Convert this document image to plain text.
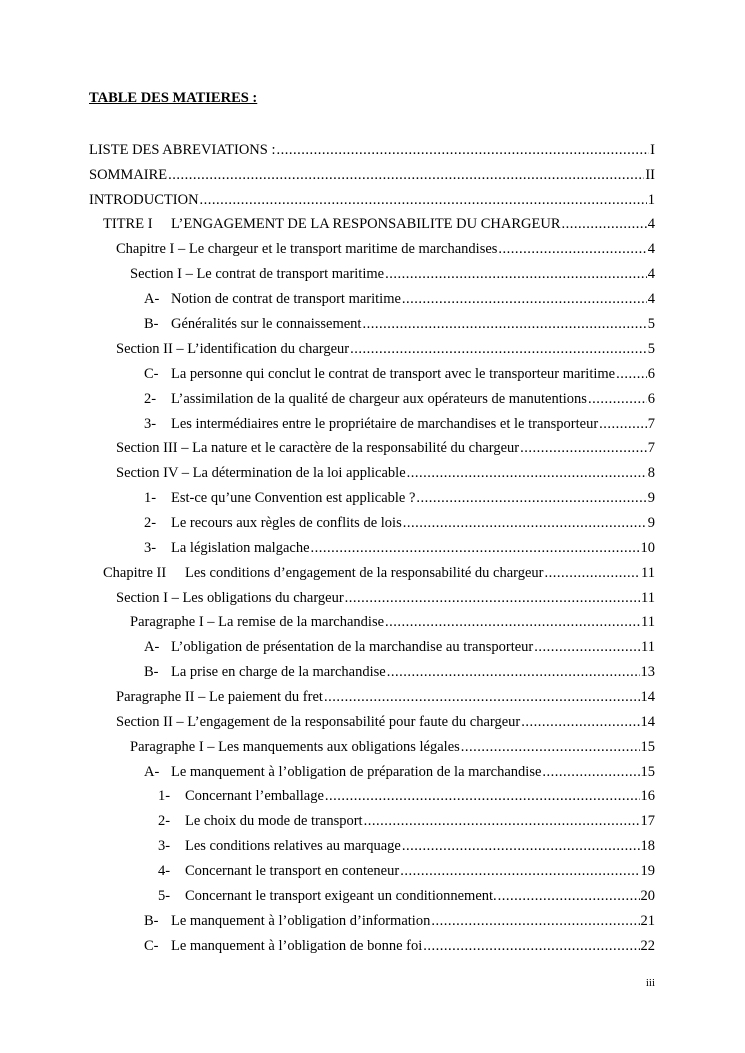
TABLE DES MATIERES :
LISTE DES ABREVIATIONS : .....	I
SOMMAIRE .....	II
INTRODUCTION .....	1
TITRE I	L’ENGAGEMENT DE LA RESPONSABILITE DU CHARGEUR .....	4
Chapitre I – Le chargeur et le transport maritime de marchandises .....	4
Section I – Le contrat de transport maritime .....	4
A- Notion de contrat de transport maritime .....	4
B- Généralités sur le connaissement .....	5
Section II – L’identification du chargeur .....	5
C- La personne qui conclut le contrat de transport avec le transporteur maritime ..... 6
2-	L’assimilation de la qualité de chargeur aux opérateurs de manutentions .....	6
3-	Les intermédiaires entre le propriétaire de marchandises et le transporteur .....	7
Section III – La nature et le caractère de la responsabilité du chargeur .....	7
Section IV – La détermination de la loi applicable .....	8
1-	Est-ce qu’une Convention est applicable ? .....	9
2-	Le recours aux règles de conflits de lois .....	9
3-	La législation malgache .....	10
Chapitre II	Les conditions d’engagement de la responsabilité du chargeur .....	11
Section I – Les obligations du chargeur .....	11
Paragraphe I – La remise de la marchandise .....	11
A- L’obligation de présentation de la marchandise au transporteur .....	11
B- La prise en charge de la marchandise .....	13
Paragraphe II – Le paiement du fret .....	14
Section II – L’engagement de la responsabilité pour faute du chargeur .....	14
Paragraphe I – Les manquements aux obligations légales .....	15
A- Le manquement à l’obligation de préparation de la marchandise .....	15
1-	Concernant l’emballage .....	16
2-	Le choix du mode de transport .....	17
3-	Les conditions relatives au marquage .....	18
4-	Concernant le transport en conteneur .....	19
5-	Concernant le transport exigeant un conditionnement. .....	20
B- Le manquement à l’obligation d’information .....	21
C- Le manquement à l’obligation de bonne foi .....	22
iii
